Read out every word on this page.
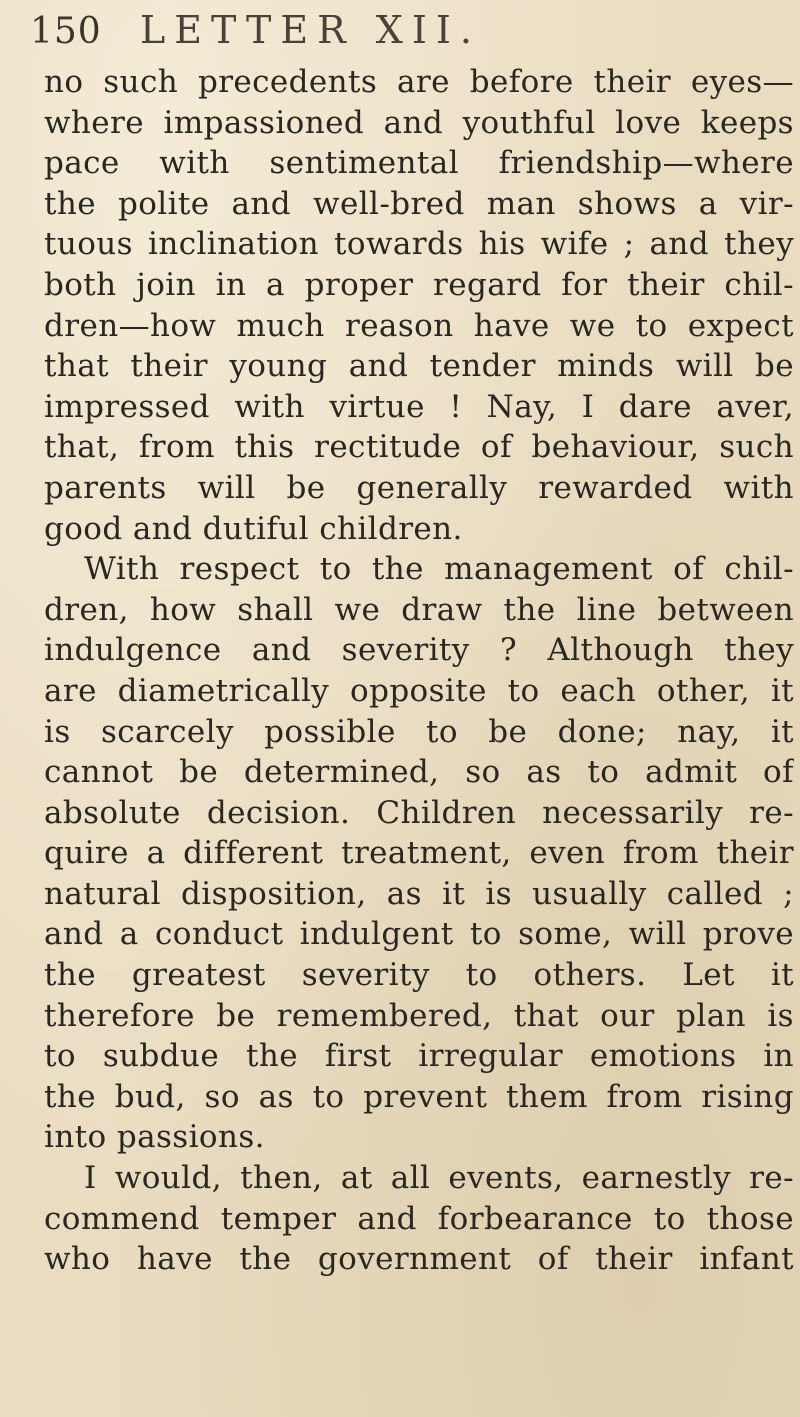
150	LETTER XII.
no such precedents are before their eyes—
where impassioned and youthful love keeps
pace with sentimental friendship—where
the polite and well-bred man shows a vir-
tuous inclination towards his wife ; and they
both join in a proper regard for their chil-
dren—how much reason have we to expect
that their young and tender minds will be
impressed with virtue ! Nay, I dare aver,
that, from this rectitude of behaviour, such
parents will be generally rewarded with
good and dutiful children.
With respect to the management of chil-
dren, how shall we draw the line between
indulgence and severity ? Although they
are diametrically opposite to each other, it
is scarcely possible to be done; nay, it
cannot be determined, so as to admit of
absolute decision. Children necessarily re-
quire a different treatment, even from their
natural disposition, as it is usually called ;
and a conduct indulgent to some, will prove
the greatest severity to others. Let it
therefore be remembered, that our plan is
to subdue the first irregular emotions in
the bud, so as to prevent them from rising
into passions.
I would, then, at all events, earnestly re-
commend temper and forbearance to those
who have the government of their infant
